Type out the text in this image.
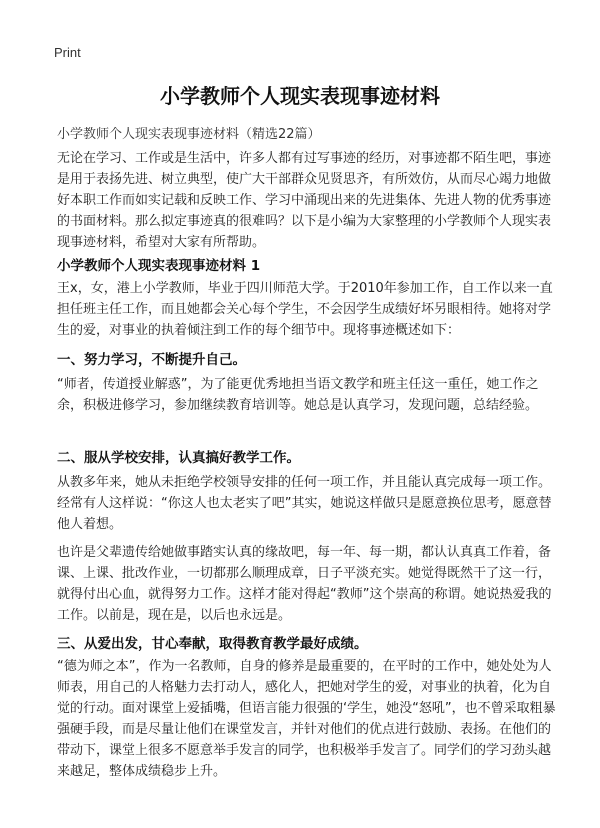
Print
小学教师个人现实表现事迹材料
小学教师个人现实表现事迹材料（精选22篇）

无论在学习、工作或是生活中，许多人都有过写事迹的经历，对事迹都不陌生吧，事迹是用于表扬先进、树立典型，使广大干部群众见贤思齐，有所效仿，从而尽心竭力地做好本职工作而如实记载和反映工作、学习中涌现出来的先进集体、先进人物的优秀事迹的书面材料。那么拟定事迹真的很难吗？以下是小编为大家整理的小学教师个人现实表现事迹材料，希望对大家有所帮助。

小学教师个人现实表现事迹材料 1

王x，女，港上小学教师，毕业于四川师范大学。于2010年参加工作，自工作以来一直担任班主任工作，而且她都会关心每个学生，不会因学生成绩好坏另眼相待。她将对学生的爱，对事业的执着倾注到工作的每个细节中。现将事迹概述如下：

一、努力学习，不断提升自己。

“师者，传道授业解惑”，为了能更优秀地担当语文教学和班主任这一重任，她工作之余，积极进修学习，参加继续教育培训等。她总是认真学习，发现问题，总结经验。

二、服从学校安排，认真搞好教学工作。

从教多年来，她从未拒绝学校领导安排的任何一项工作，并且能认真完成每一项工作。经常有人这样说：“你这人也太老实了吧”其实，她说这样做只是愿意换位思考，愿意替他人着想。

也许是父辈遗传给她做事踏实认真的缘故吧，每一年、每一期，都认认真真工作着，备课、上课、批改作业，一切都那么顺理成章，日子平淡充实。她觉得既然干了这一行，就得付出心血，就得努力工作。这样才能对得起“教师”这个崇高的称谓。她说热爱我的工作。以前是，现在是，以后也永远是。

三、从爱出发，甘心奉献，取得教育教学最好成绩。

“德为师之本”，作为一名教师，自身的修养是最重要的，在平时的工作中，她处处为人师表，用自己的人格魅力去打动人，感化人，把她对学生的爱，对事业的执着，化为自觉的行动。面对课堂上爱插嘴，但语言能力很强的‘学生，她没“怒吼”，也不曾采取粗暴强硬手段，而是尽量让他们在课堂发言，并针对他们的优点进行鼓励、表扬。在他们的带动下，课堂上很多不愿意举手发言的同学，也积极举手发言了。同学们的学习劲头越来越足，整体成绩稳步上升。
